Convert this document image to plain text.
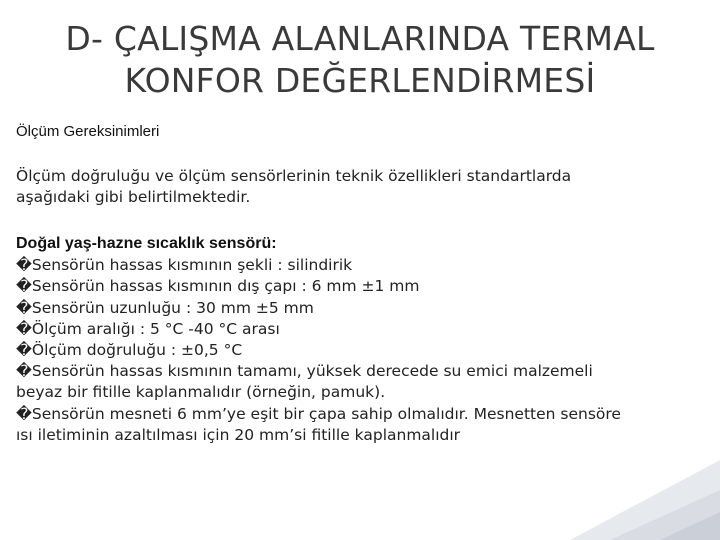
D- ÇALIŞMA ALANLARINDA TERMAL
KONFOR DEĞERLENDİRMESİ
Ölçüm Gereksinimleri
Ölçüm doğruluğu ve ölçüm sensörlerinin teknik özellikleri standartlarda
aşağıdaki gibi belirtilmektedir.
Doğal yaş-hazne sıcaklık sensörü:
�Sensörün hassas kısmının şekli : silindirik
�Sensörün hassas kısmının dış çapı : 6 mm ±1 mm
�Sensörün uzunluğu : 30 mm ±5 mm
�Ölçüm aralığı : 5 °C -40 °C arası
�Ölçüm doğruluğu : ±0,5 °C
�Sensörün hassas kısmının tamamı, yüksek derecede su emici malzemeli
beyaz bir fitille kaplanmalıdır (örneğin, pamuk).
�Sensörün mesneti 6 mm’ye eşit bir çapa sahip olmalıdır. Mesnetten sensöre
ısı iletiminin azaltılması için 20 mm’si fitille kaplanmalıdır
